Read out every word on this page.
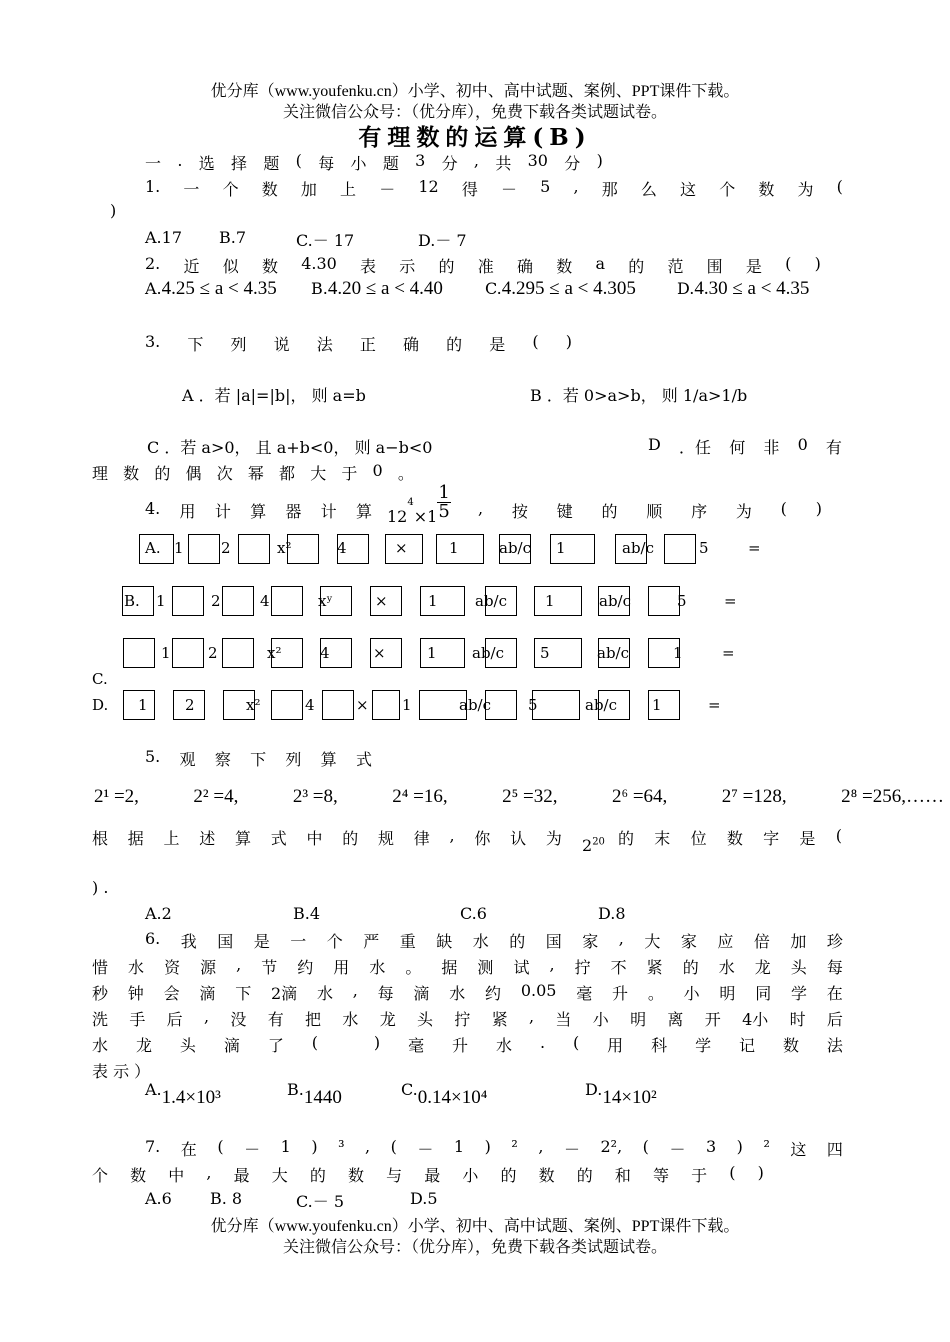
优分库（www.youfenku.cn）小学、初中、高中试题、案例、PPT课件下载。
关注微信公众号：（优分库），免费下载各类试题试卷。
有理数的运算(B)
一 . 选 择 题 ( 每 小 题 3 分 , 共 30 分 )
1. 一 个 数 加 上 － 12 得 － 5 , 那 么 这 个 数 为 (
)
A.17 B.7	C.－ 17	D.－ 7
2. 近 似 数 4.30 表 示 的 准 确 数 a 的 范 围 是 ( )
A.4.25 ≤ a < 4.35 B.4.20 ≤ a < 4.40	C.4.295 ≤ a < 4.305	D.4.30 ≤ a < 4.35
3. 下 列 说 法 正 确 的 是 ( )
A ．若 |a|=|b|， 则 a=b	B ．若 0>a>b， 则 1/a>1/b
C ．若 a>0， 且 a+b<0， 则 a−b<0	D ．任 何 非 0 有
理 数 的 偶 次 幂 都 大 于 0 。
4. 用 计 算 器 计 算 $12^4\times 1 \frac{1}{5}$ , 按 键 的 顺 序 为 ( )
A. 1 2	x²	4	×	1	ab/c 1	ab/c	5	=
B. 1	2	4	xʸ	×	1 ab/c	1	ab/c	5 =
1 2	x²	4	×	1 ab/c 5	ab/c	1	=
C.
D. 1 2	x²	4	× 1	ab/c 5	ab/c 1	=
5. 观 察 下 列 算 式
2¹ =2,	2² =4,	2³ =8,	2⁴ =16,	2⁵ =32,	2⁶ =64,	2⁷ =128,	2⁸ =256,……
根 据 上 述 算 式 中 的 规 律 , 你 认 为 $2^{20}$ 的 末 位 数 字 是 (
) .
A.2	B.4	C.6	D.8
6. 我 国 是 一 个 严 重 缺 水 的 国 家 , 大 家 应 倍 加 珍
惜 水 资 源 , 节 约 用 水 。 据 测 试 , 拧 不 紧 的 水 龙 头 每
秒 钟 会 滴 下 2滴 水 , 每 滴 水 约 0.05 毫 升 。 小 明 同 学 在
洗 手 后 , 没 有 把 水 龙 头 拧 紧 , 当 小 明 离 开 4小 时 后
水 龙 头 滴 了 (	) 毫 升 水 . ( 用 科 学 记 数 法
表 示 ）
A.1.4×10³	B.1440	C.0.14×10⁴	D.14×10²
7. 在 ( － 1 ) ³ , ( － 1 ) ² , － 2², ( － 3 ) ² 这 四
个 数 中 , 最 大 的 数 与 最 小 的 数 的 和 等 于 ( )
A.6 B. 8	C.－ 5	D.5
优分库（www.youfenku.cn）小学、初中、高中试题、案例、PPT课件下载。
关注微信公众号：（优分库），免费下载各类试题试卷。
